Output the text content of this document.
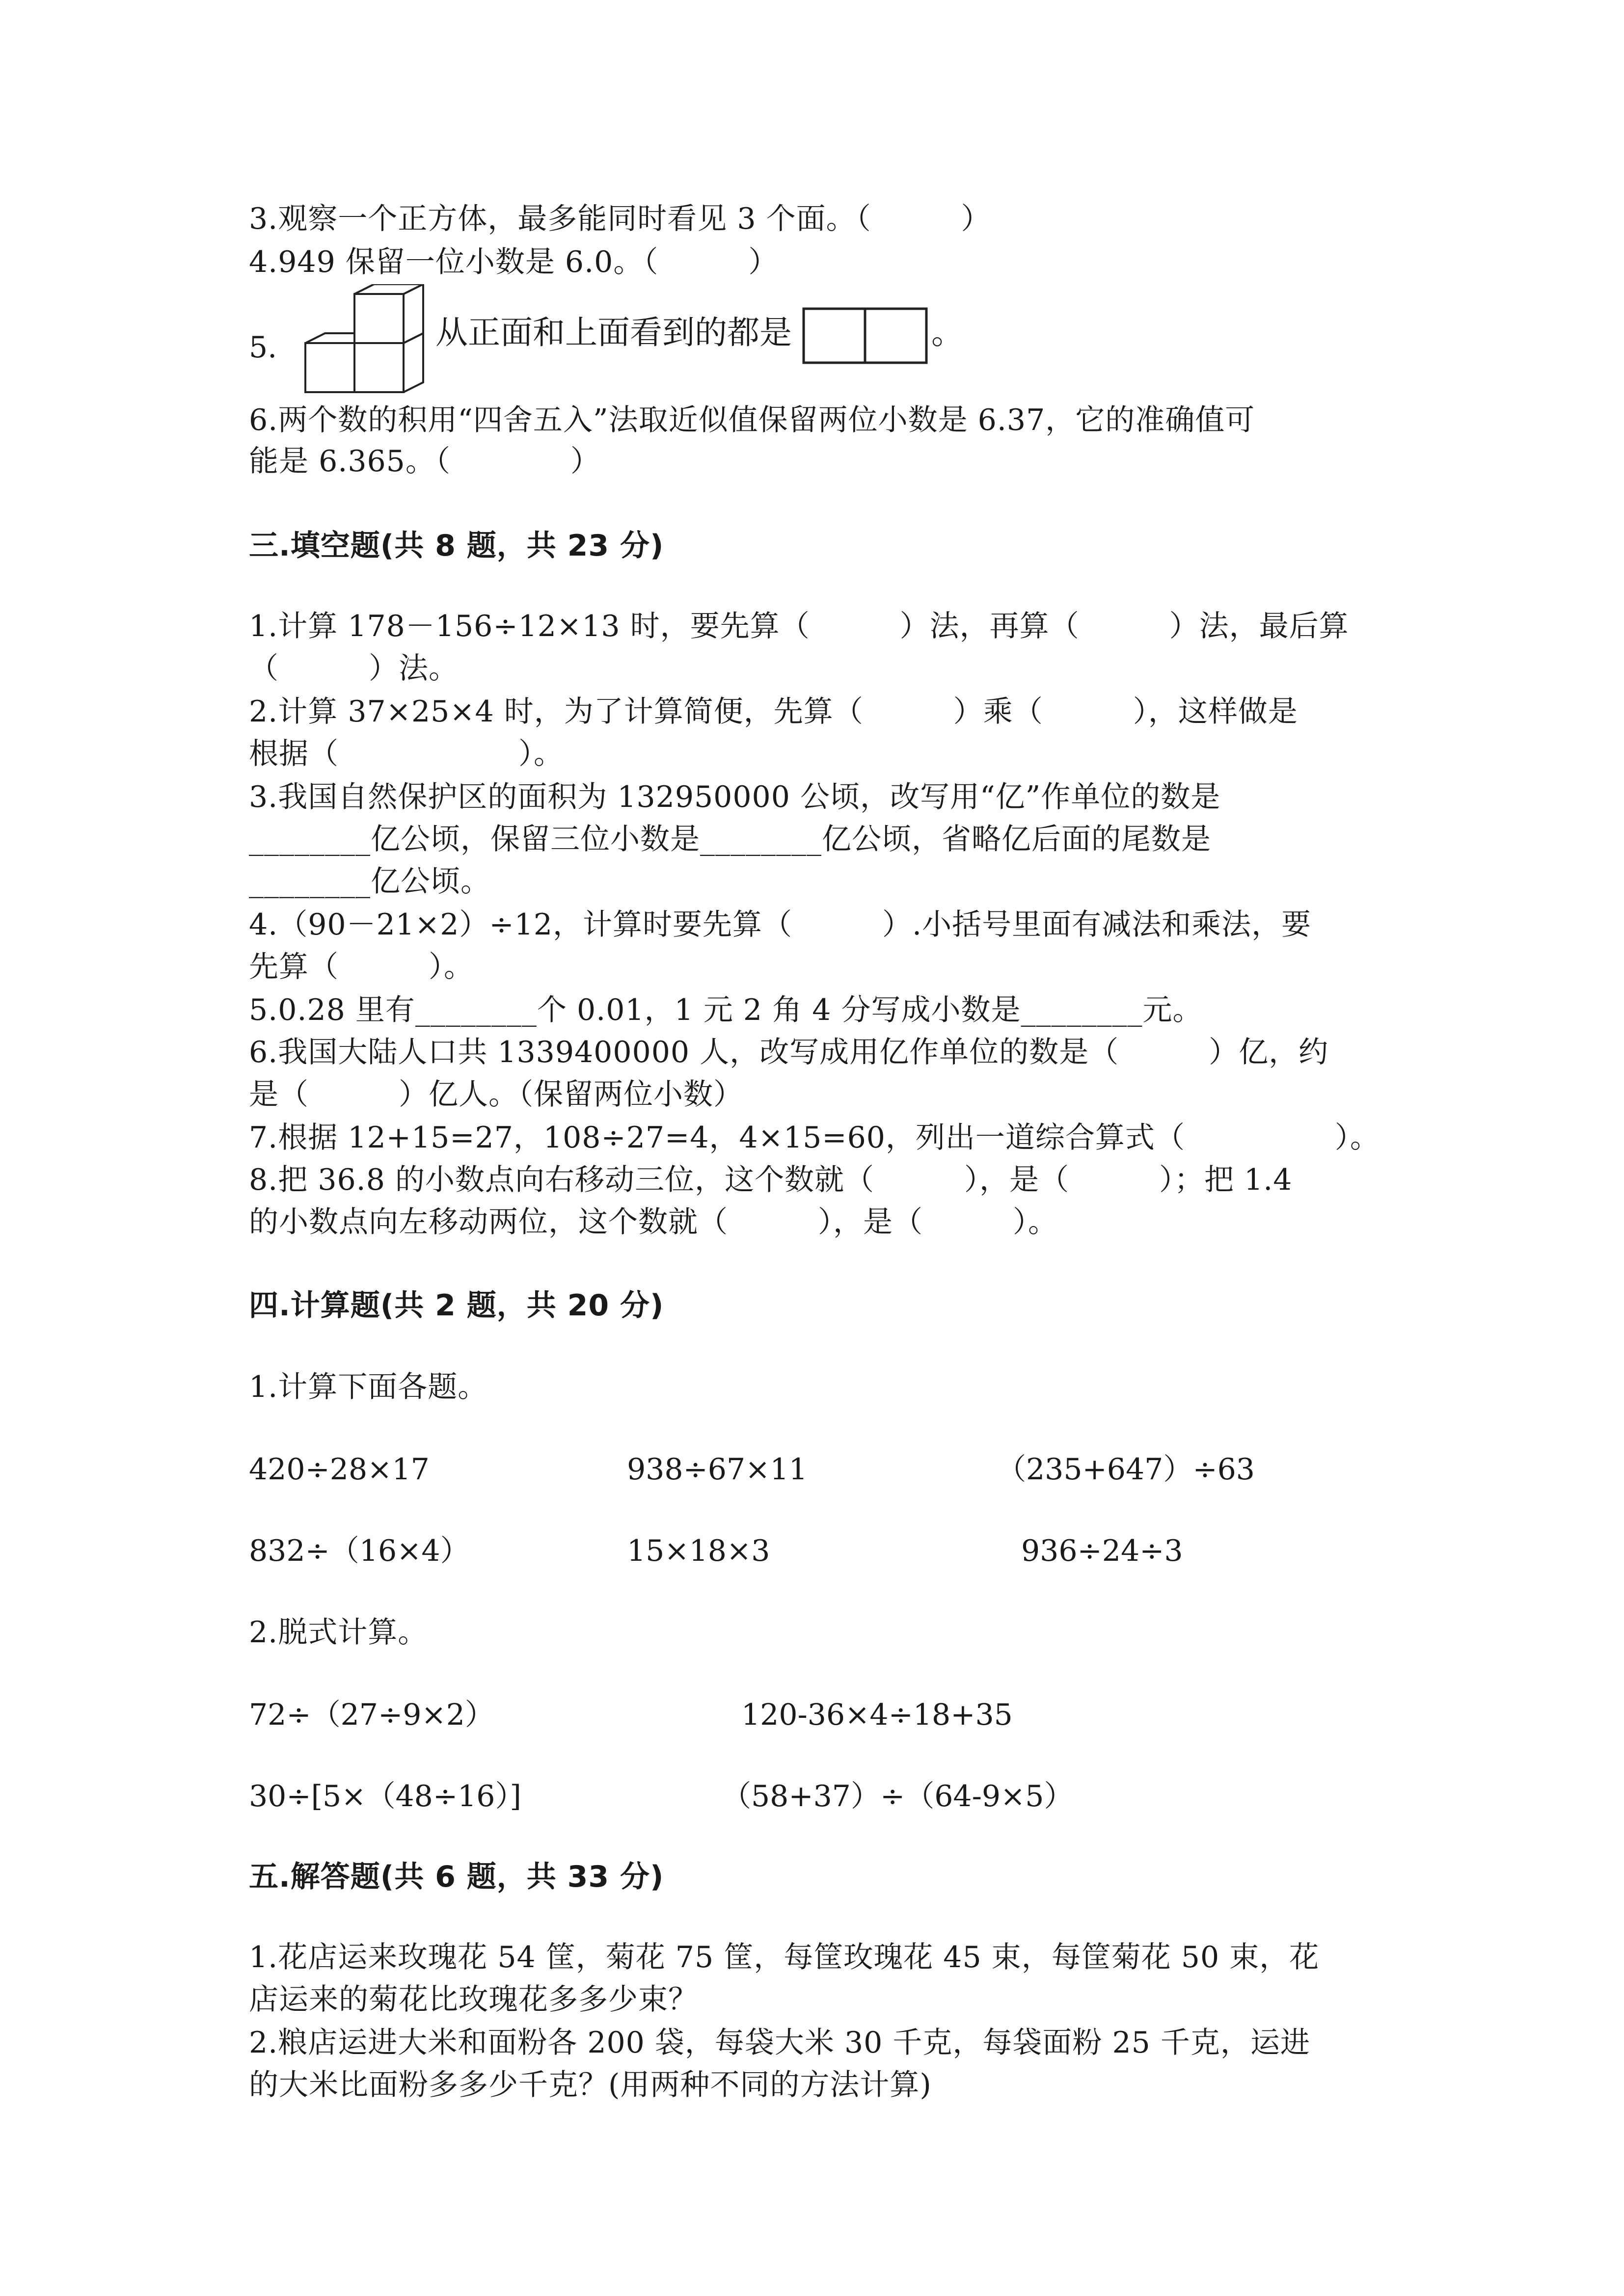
3.观察一个正方体，最多能同时看见 3 个面。（　　　）
4.949 保留一位小数是 6.0。（　　　）
5.	从正面和上面看到的都是	。
6.两个数的积用“四舍五入”法取近似值保留两位小数是 6.37，它的准确值可
能是 6.365。（　　　　）
三.填空题(共 8 题，共 23 分)
1.计算 178－156÷12×13 时，要先算（　　　）法，再算（　　　）法，最后算
（　　　）法。
2.计算 37×25×4 时，为了计算简便，先算（　　　）乘（　　　），这样做是
根据（　　　　　　）。
3.我国自然保护区的面积为 132950000 公顷，改写用“亿”作单位的数是
________亿公顷，保留三位小数是________亿公顷，省略亿后面的尾数是
________亿公顷。
4.（90－21×2）÷12，计算时要先算（　　　）.小括号里面有减法和乘法，要
先算（　　　）。
5.0.28 里有________个 0.01，1 元 2 角 4 分写成小数是________元。
6.我国大陆人口共 1339400000 人，改写成用亿作单位的数是（　　　）亿，约
是（　　　）亿人。（保留两位小数）
7.根据 12+15=27，108÷27=4，4×15=60，列出一道综合算式（　　　　　）。
8.把 36.8 的小数点向右移动三位，这个数就（　　　），是（　　　）；把 1.4
的小数点向左移动两位，这个数就（　　　），是（　　　）。
四.计算题(共 2 题，共 20 分)
1.计算下面各题。
420÷28×17	938÷67×11	（235+647）÷63
832÷（16×4）	15×18×3	936÷24÷3
2.脱式计算。
72÷（27÷9×2）	120-36×4÷18+35
30÷[5×（48÷16）]	（58+37）÷（64-9×5）
五.解答题(共 6 题，共 33 分)
1.花店运来玫瑰花 54 筐，菊花 75 筐，每筐玫瑰花 45 束，每筐菊花 50 束，花
店运来的菊花比玫瑰花多多少束？
2.粮店运进大米和面粉各 200 袋，每袋大米 30 千克，每袋面粉 25 千克，运进
的大米比面粉多多少千克？(用两种不同的方法计算)
